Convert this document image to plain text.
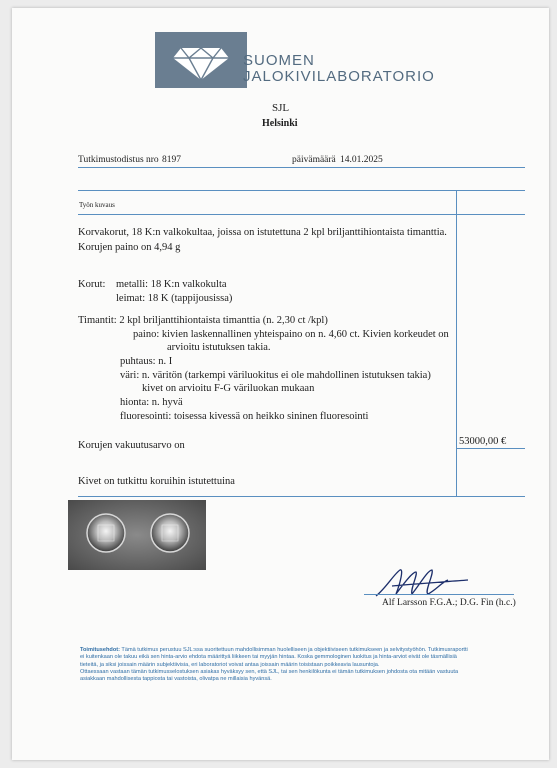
SUOMEN
JALOKIVILABORATORIO
SJL
Helsinki
Tutkimustodistus nro 8197	päivämäärä 14.01.2025
Työn kuvaus
Korvakorut, 18 K:n valkokultaa, joissa on istutettuna 2 kpl briljanttihiontaista timanttia.
Korujen paino on 4,94 g
Korut: metalli: 18 K:n valkokulta
leimat: 18 K (tappijousissa)
Timantit: 2 kpl briljanttihiontaista timanttia (n. 2,30 ct /kpl)
paino: kivien laskennallinen yhteispaino on n. 4,60 ct. Kivien korkeudet on
arvioitu istutuksen takia.
puhtaus: n. I
väri: n. väritön (tarkempi väriluokitus ei ole mahdollinen istutuksen takia)
kivet on arvioitu F-G väriluokan mukaan
hionta: n. hyvä
fluoresointi: toisessa kivessä on heikko sininen fluoresointi
Korujen vakuutusarvo on	53000,00 €
Kivet on tutkittu koruihin istutettuina
Alf Larsson F.G.A.; D.G. Fin (h.c.)
Toimitusehdot: Tämä tutkimus perustuu SJL:ssa suoritettuun mahdollisimman huolelliseen ja objektiiviseen tutkimukseen ja selvitystyöhön. Tutkimusraportti
ei kuitenkaan ole takuu eikä sen hinta-arvio ehdota määrittyä liikkeen tai myyjän hintaa. Koska gemmologinen luokitus ja hinta-arviot eivät ole täsmällisiä
tieteitä, ja siksi joissain määrin subjektiivisia, eri laboratoriot voivat antaa joissain määrin toisistaan poikkeavia lausuntoja.
Ottaessaan vastaan tämän tutkimusselostuksen asiakas hyväksyy sen, että SJL, tai sen henkilökunta ei tämän tutkimuksen johdosta ota mitään vastuuta
asiakkaan mahdollisesta tappiosta tai vastoista, olivatpa ne millaisia hyvänsä.
